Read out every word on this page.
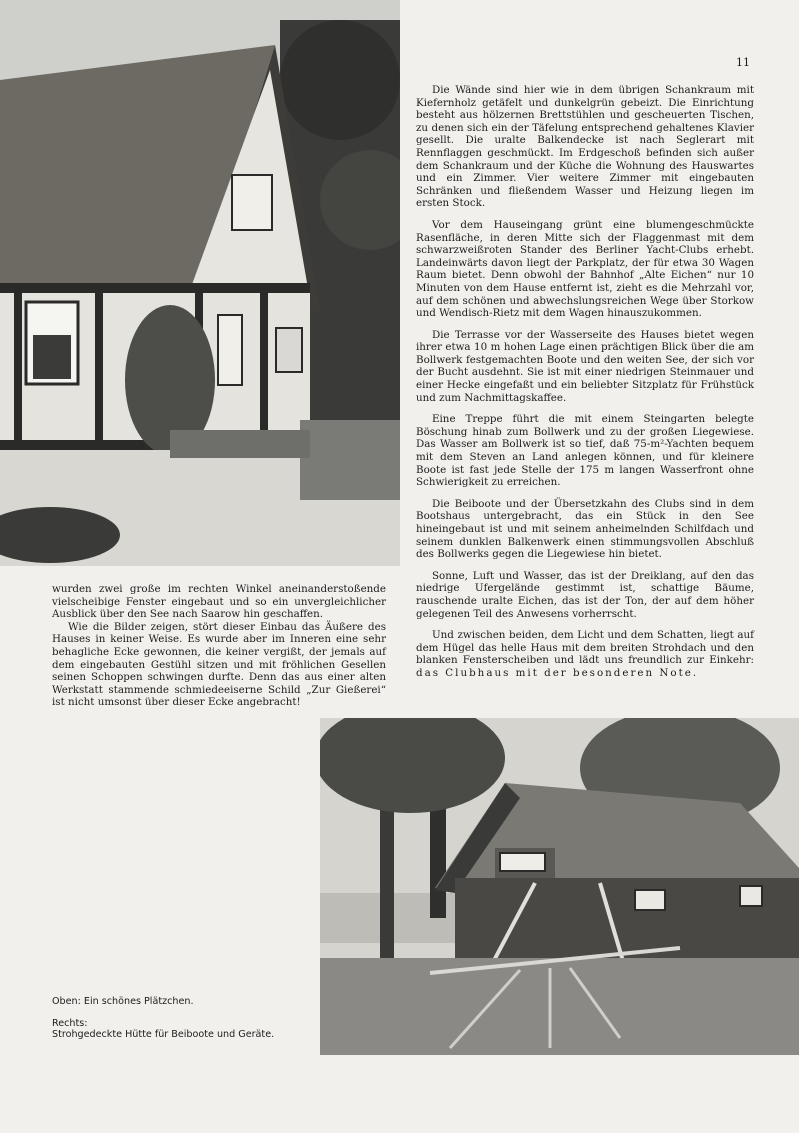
11

Die Wände sind hier wie in dem übrigen Schankraum mit Kiefernholz getäfelt und dunkelgrün gebeizt. Die Einrichtung besteht aus hölzernen Brettstühlen und gescheuerten Tischen, zu denen sich ein der Täfelung entsprechend gehaltenes Klavier gesellt. Die uralte Balkendecke ist nach Seglerart mit Rennflaggen geschmückt. Im Erdgeschoß befinden sich außer dem Schankraum und der Küche die Wohnung des Hauswartes und ein Zimmer. Vier weitere Zimmer mit eingebauten Schränken und fließendem Wasser und Heizung liegen im ersten Stock.

Vor dem Hauseingang grünt eine blumengeschmückte Rasenfläche, in deren Mitte sich der Flaggenmast mit dem schwarzweißroten Stander des Berliner Yacht-Clubs erhebt. Landeinwärts davon liegt der Parkplatz, der für etwa 30 Wagen Raum bietet. Denn obwohl der Bahnhof „Alte Eichen“ nur 10 Minuten von dem Hause entfernt ist, zieht es die Mehrzahl vor, auf dem schönen und abwechslungsreichen Wege über Storkow und Wendisch-Rietz mit dem Wagen hinauszukommen.

Die Terrasse vor der Wasserseite des Hauses bietet wegen ihrer etwa 10 m hohen Lage einen prächtigen Blick über die am Bollwerk festgemachten Boote und den weiten See, der sich vor der Bucht ausdehnt. Sie ist mit einer niedrigen Steinmauer und einer Hecke eingefaßt und ein beliebter Sitzplatz für Frühstück und zum Nachmittagskaffee.

Eine Treppe führt die mit einem Steingarten belegte Böschung hinab zum Bollwerk und zu der großen Liegewiese. Das Wasser am Bollwerk ist so tief, daß 75-m²-Yachten bequem mit dem Steven an Land anlegen können, und für kleinere Boote ist fast jede Stelle der 175 m langen Wasserfront ohne Schwierigkeit zu erreichen.

Die Beiboote und der Übersetzkahn des Clubs sind in dem Bootshaus untergebracht, das ein Stück in den See hineingebaut ist und mit seinem anheimelnden Schilfdach und seinem dunklen Balkenwerk einen stimmungsvollen Abschluß des Bollwerks gegen die Liegewiese hin bietet.

Sonne, Luft und Wasser, das ist der Dreiklang, auf den das niedrige Ufergelände gestimmt ist, schattige Bäume, rauschende uralte Eichen, das ist der Ton, der auf dem höher gelegenen Teil des Anwesens vorherrscht.

Und zwischen beiden, dem Licht und dem Schatten, liegt auf dem Hügel das helle Haus mit dem breiten Strohdach und den blanken Fensterscheiben und lädt uns freundlich zur Einkehr: das Clubhaus mit der besonderen Note.

wurden zwei große im rechten Winkel aneinanderstoßende vielscheibige Fenster eingebaut und so ein unvergleichlicher Ausblick über den See nach Saarow hin geschaffen.

Wie die Bilder zeigen, stört dieser Einbau das Äußere des Hauses in keiner Weise. Es wurde aber im Inneren eine sehr behagliche Ecke gewonnen, die keiner vergißt, der jemals auf dem eingebauten Gestühl sitzen und mit fröhlichen Gesellen seinen Schoppen schwingen durfte. Denn das aus einer alten Werkstatt stammende schmiedeeiserne Schild „Zur Gießerei“ ist nicht umsonst über dieser Ecke angebracht!

Oben: Ein schönes Plätzchen.

Rechts:
Strohgedeckte Hütte für Beiboote und Geräte.
